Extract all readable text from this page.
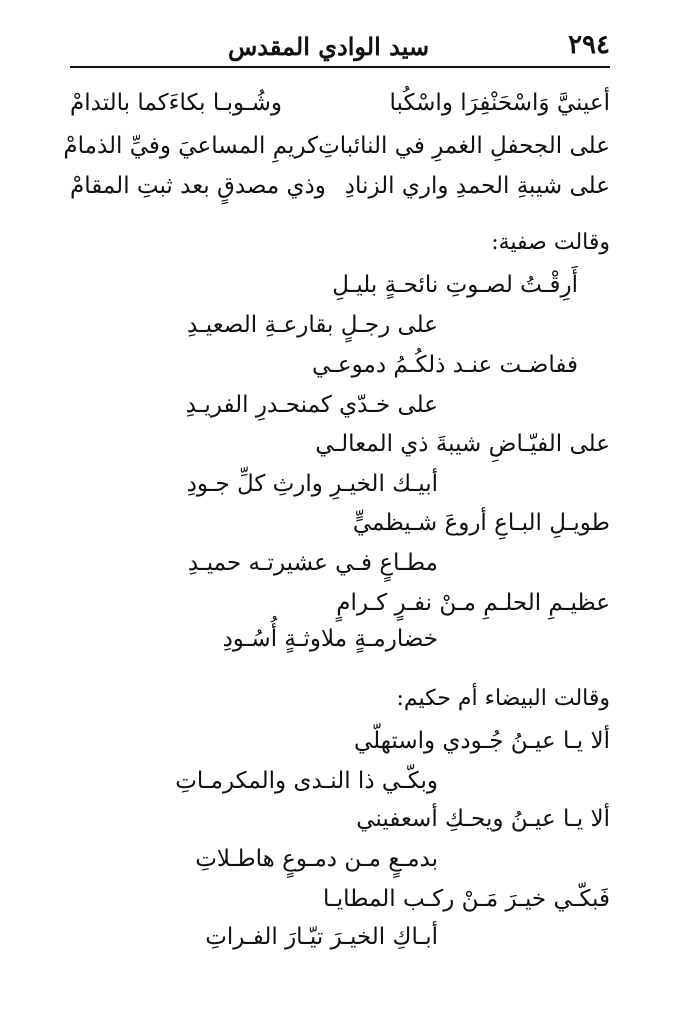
٢٩٤
سيد الوادي المقدس
أعينيَّ وَاسْحَنْفِرَا واسْكُبا
وشُـوبـا بكاءَكما بالتدامْ
على الجحفلِ الغمرِ في النائباتِ
كريمِ المساعيَ وفيِّ الذمامْ
على شيبةِ الحمدِ واري الزنادِ
وذي مصدقٍ بعد ثبتِ المقامْ
وقالت صفية:
أَرِقْـتُ لصـوتِ نائحـةٍ بليـلِ
على رجـلٍ بقارعـةِ الصعيـدِ
ففاضـت عنـد ذلكُـمُ دموعـي
على خـدّي كمنحـدرِ الفريـدِ
على الفيّـاضِ شيبةَ ذي المعالـي
أبيـك الخيـرِ وارثِ كلِّ جـودِ
طويـلِ البـاعِ أروعَ شـيظميٍّ
مطـاعٍ فـي عشيرتـه حميـدِ
عظيـمِ الحلـمِ مـنْ نفـرٍ كـرامٍ
خضارمـةٍ ملاوثـةٍ أُسُـودِ
وقالت البيضاء أم حكيم:
ألا يـا عيـنُ جُـودي واستهلّي
وبكّـي ذا النـدى والمكرمـاتِ
ألا يـا عيـنُ ويحـكِ أسعفيني
بدمـعٍ مـن دمـوعٍ هاطـلاتِ
فَبكّـي خيـرَ مَـنْ ركـب المطايـا
أبـاكِ الخيـرَ تيّـارَ الفـراتِ
